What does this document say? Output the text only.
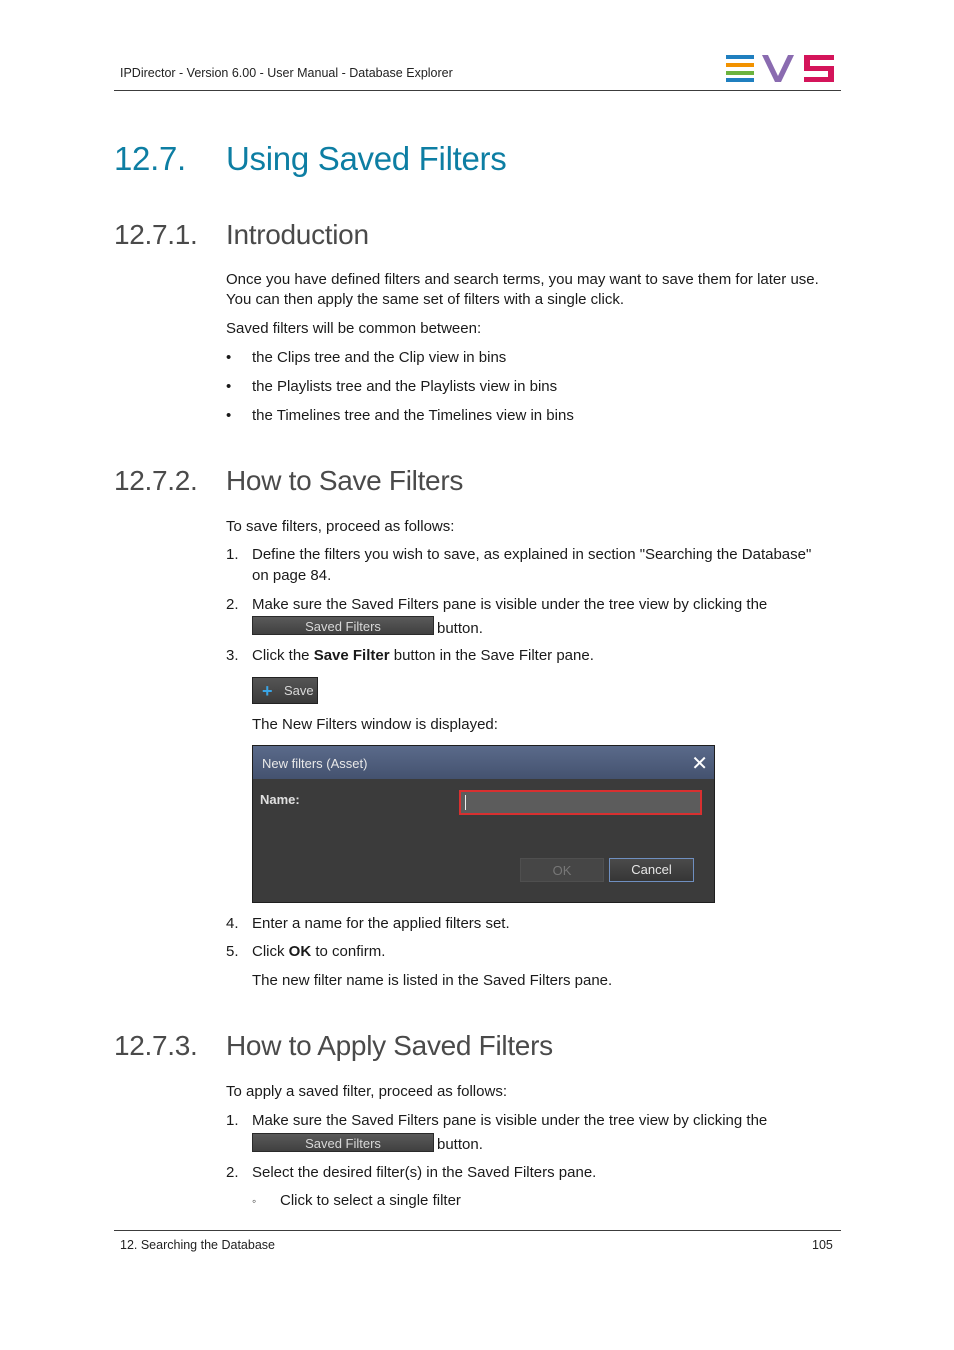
IPDirector - Version 6.00 - User Manual - Database Explorer
12.7. Using Saved Filters
12.7.1. Introduction
Once you have defined filters and search terms, you may want to save them for later use.
You can then apply the same set of filters with a single click.
Saved filters will be common between:
• the Clips tree and the Clip view in bins
• the Playlists tree and the Playlists view in bins
• the Timelines tree and the Timelines view in bins
12.7.2. How to Save Filters
To save filters, proceed as follows:
1. Define the filters you wish to save, as explained in section "Searching the Database"
on page 84.
2. Make sure the Saved Filters pane is visible under the tree view by clicking the
Saved Filters	button.
3. Click the Save Filter button in the Save Filter pane.
+ Save
The New Filters window is displayed:
New filters (Asset)	✕
Name:
OK	Cancel
4. Enter a name for the applied filters set.
5. Click OK to confirm.
The new filter name is listed in the Saved Filters pane.
12.7.3. How to Apply Saved Filters
To apply a saved filter, proceed as follows:
1. Make sure the Saved Filters pane is visible under the tree view by clicking the
Saved Filters	button.
2. Select the desired filter(s) in the Saved Filters pane.
◦ Click to select a single filter
12. Searching the Database	105
